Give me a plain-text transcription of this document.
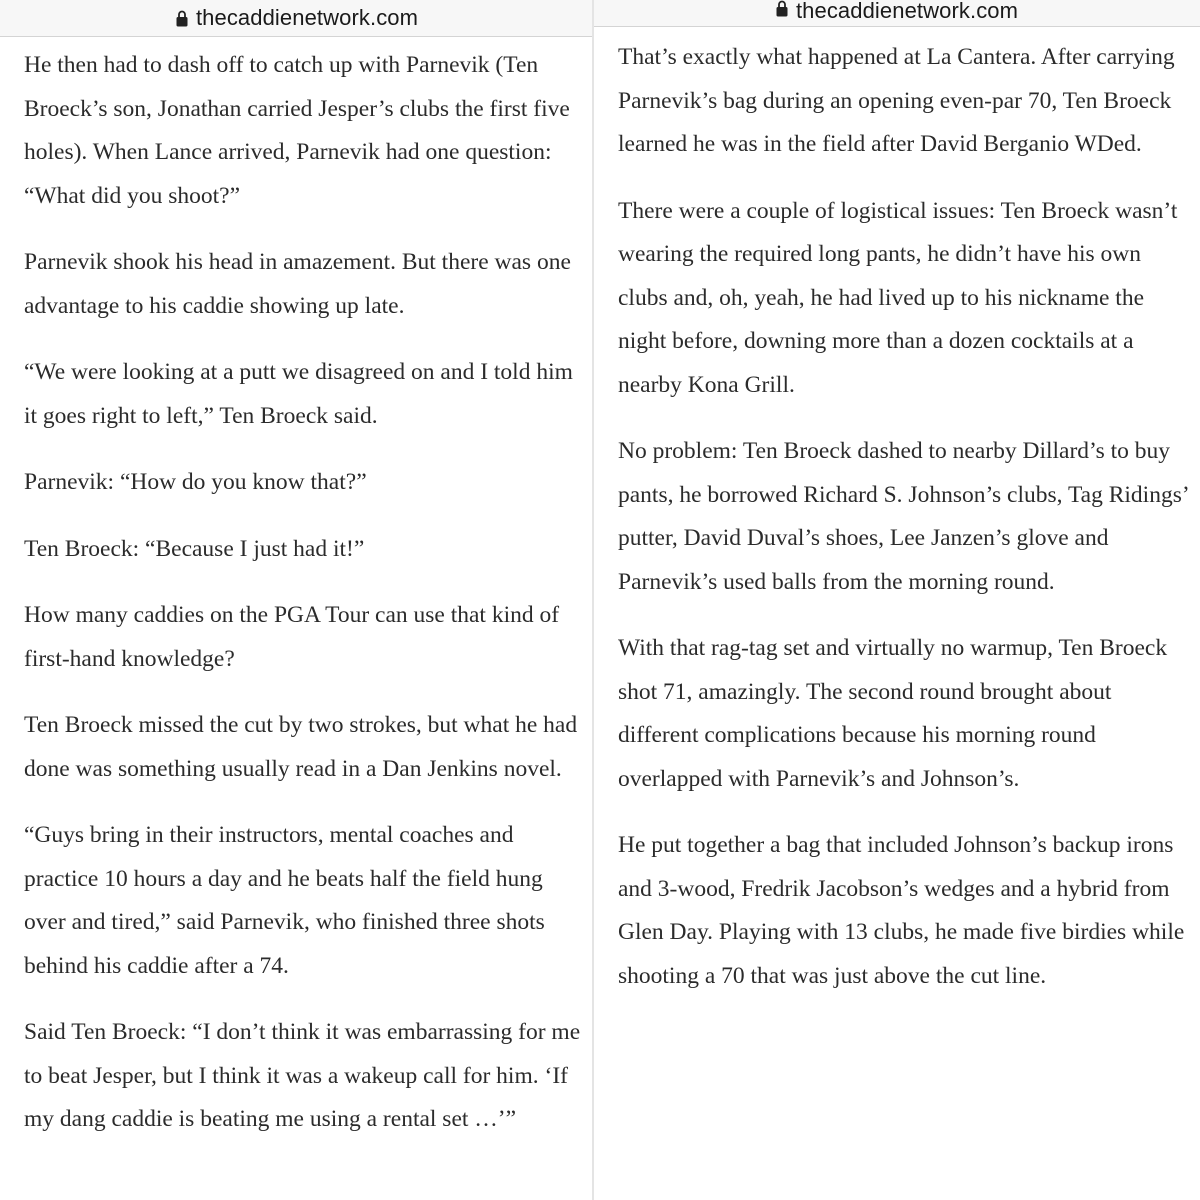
thecaddienetwork.com

He then had to dash off to catch up with Parnevik (Ten Broeck’s son, Jonathan carried Jesper’s clubs the first five holes). When Lance arrived, Parnevik had one question: “What did you shoot?”

Parnevik shook his head in amazement. But there was one advantage to his caddie showing up late.

“We were looking at a putt we disagreed on and I told him it goes right to left,” Ten Broeck said.

Parnevik: “How do you know that?”

Ten Broeck: “Because I just had it!”

How many caddies on the PGA Tour can use that kind of first-hand knowledge?

Ten Broeck missed the cut by two strokes, but what he had done was something usually read in a Dan Jenkins novel.

“Guys bring in their instructors, mental coaches and practice 10 hours a day and he beats half the field hung over and tired,” said Parnevik, who finished three shots behind his caddie after a 74.

Said Ten Broeck: “I don’t think it was embarrassing for me to beat Jesper, but I think it was a wakeup call for him. ‘If my dang caddie is beating me using a rental set …’”

thecaddienetwork.com

That’s exactly what happened at La Cantera. After carrying Parnevik’s bag during an opening even-par 70, Ten Broeck learned he was in the field after David Berganio WDed.

There were a couple of logistical issues: Ten Broeck wasn’t wearing the required long pants, he didn’t have his own clubs and, oh, yeah, he had lived up to his nickname the night before, downing more than a dozen cocktails at a nearby Kona Grill.

No problem: Ten Broeck dashed to nearby Dillard’s to buy pants, he borrowed Richard S. Johnson’s clubs, Tag Ridings’ putter, David Duval’s shoes, Lee Janzen’s glove and Parnevik’s used balls from the morning round.

With that rag-tag set and virtually no warmup, Ten Broeck shot 71, amazingly. The second round brought about different complications because his morning round overlapped with Parnevik’s and Johnson’s.

He put together a bag that included Johnson’s backup irons and 3-wood, Fredrik Jacobson’s wedges and a hybrid from Glen Day. Playing with 13 clubs, he made five birdies while shooting a 70 that was just above the cut line.
